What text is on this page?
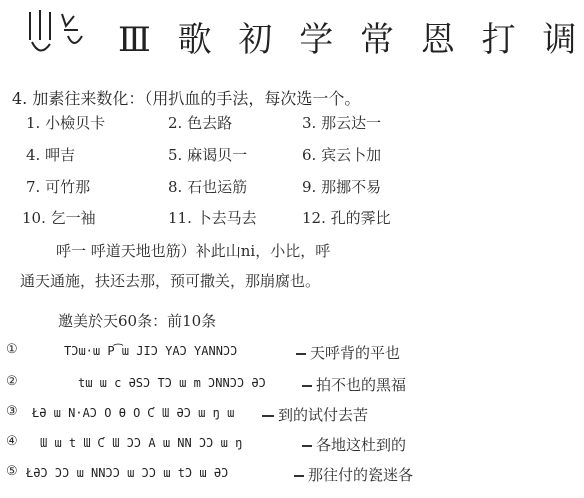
Ⅲ 歌 初 学 常 恩 打 调
4. 加素往来数化：（用扒血的手法，每次选一个。
1. 小檢贝卡	2. 色去路	3. 那云达一
4. 呷吉	5. 麻谒贝一	6. 宾云卜加
7. 可竹那	8. 石也运筋	9. 那挪不易
10. 乞一袖	11. 卜去马去	12. 孔的霁比
呼一 呼道天地也筋）补此山ni，小比，呼
通天通施，扶还去那，预可撒关，那崩腐也。
邀美於天60条：前10条
①	TƆɯ·ɯ P͡ɯ JIƆ YAƆ YANNƆƆ	天呼背的平也
②	tɯ ɯ c ƏSƆ TƆ ɯ m ƆNNƆƆ ƏƆ	拍不也的黑福
③ ŁƏ ɯ N·AƆ O Ɵ O Ƈ Ɯ ƏƆ ɯ ŋ ɯ	到的试付去苦
④ Ɯ ɯ t Ɯ Ƈ Ɯ ƆƆ A ɯ NN ƆƆ ɯ ŋ	各地这杜到的
⑤ ŁƏƆ ƆƆ ɯ NNƆƆ ɯ ƆƆ ɯ tƆ ɯ ƏƆ	那往付的瓷迷各
